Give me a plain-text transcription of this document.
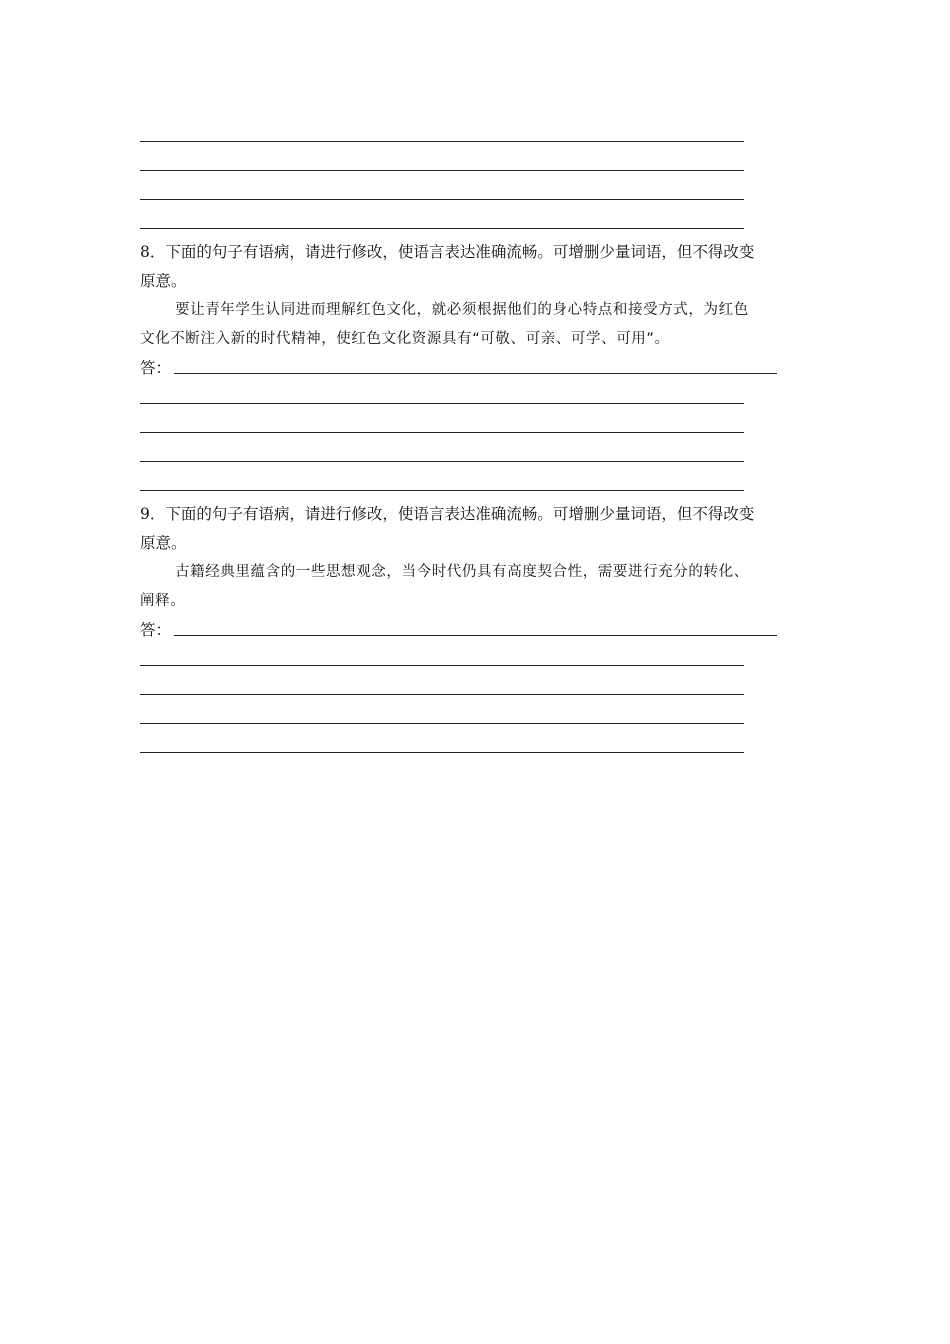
8．下面的句子有语病，请进行修改，使语言表达准确流畅。可增删少量词语，但不得改变
原意。
要让青年学生认同进而理解红色文化，就必须根据他们的身心特点和接受方式，为红色
文化不断注入新的时代精神，使红色文化资源具有“可敬、可亲、可学、可用”。
答：
9．下面的句子有语病，请进行修改，使语言表达准确流畅。可增删少量词语，但不得改变
原意。
古籍经典里蕴含的一些思想观念，当今时代仍具有高度契合性，需要进行充分的转化、
阐释。
答：
